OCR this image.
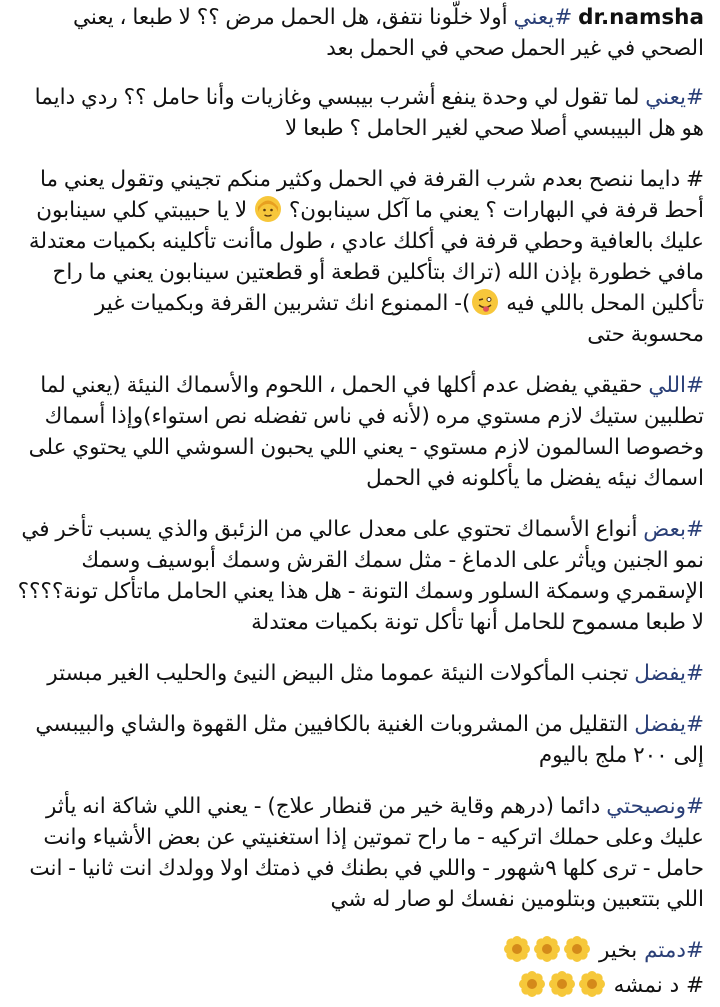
dr.namsha #يعني أولا خلّونا نتفق، هل الحمل مرض ؟؟ لا طبعا ، يعني الصحي في غير الحمل صحي في الحمل بعد

#يعني لما تقول لي وحدة ينفع أشرب بيبسي وغازيات وأنا حامل ؟؟ ردي دايما هو هل البيبسي أصلا صحي لغير الحامل ؟ طبعا لا

# دايما ننصح بعدم شرب القرفة في الحمل وكثير منكم تجيني وتقول يعني ما أحط قرفة في البهارات ؟ يعني ما آكل سينابون؟  لا يا حبيبتي كلي سينابون عليك بالعافية وحطي قرفة في أكلك عادي ، طول ماأنت تأكلينه بكميات معتدلة مافي خطورة بإذن الله (تراك بتأكلين قطعة أو قطعتين سينابون يعني ما راح تأكلين المحل باللي فيه )- الممنوع انك تشربين القرفة وبكميات غير محسوبة حتى

#اللي حقيقي يفضل عدم أكلها في الحمل ، اللحوم والأسماك النيئة (يعني لما تطلبين ستيك لازم مستوي مره (لأنه في ناس تفضله نص استواء)وإذا أسماك وخصوصا السالمون لازم مستوي - يعني اللي يحبون السوشي اللي يحتوي على اسماك نيئه يفضل ما يأكلونه في الحمل

#بعض أنواع الأسماك تحتوي على معدل عالي من الزئبق والذي يسبب تأخر في نمو الجنين ويأثر على الدماغ - مثل سمك القرش وسمك أبوسيف وسمك الإسقمري وسمكة السلور وسمك التونة - هل هذا يعني الحامل ماتأكل تونة؟؟؟؟ لا طبعا مسموح للحامل أنها تأكل تونة بكميات معتدلة

#يفضل تجنب المأكولات النيئة عموما مثل البيض النيئ والحليب الغير مبستر

#يفضل التقليل من المشروبات الغنية بالكافيين مثل القهوة والشاي والبيبسي إلى ٢٠٠ ملج باليوم

#ونصيحتي دائما (درهم وقاية خير من قنطار علاج) - يعني اللي شاكة انه يأثر عليك وعلى حملك اتركيه - ما راح تموتين إذا استغنيتي عن بعض الأشياء وانت حامل - ترى كلها ٩شهور - واللي في بطنك في ذمتك اولا وولدك انت ثانيا - انت اللي بتتعبين وبتلومين نفسك لو صار له شي

#دمتم بخير
# د نمشه
